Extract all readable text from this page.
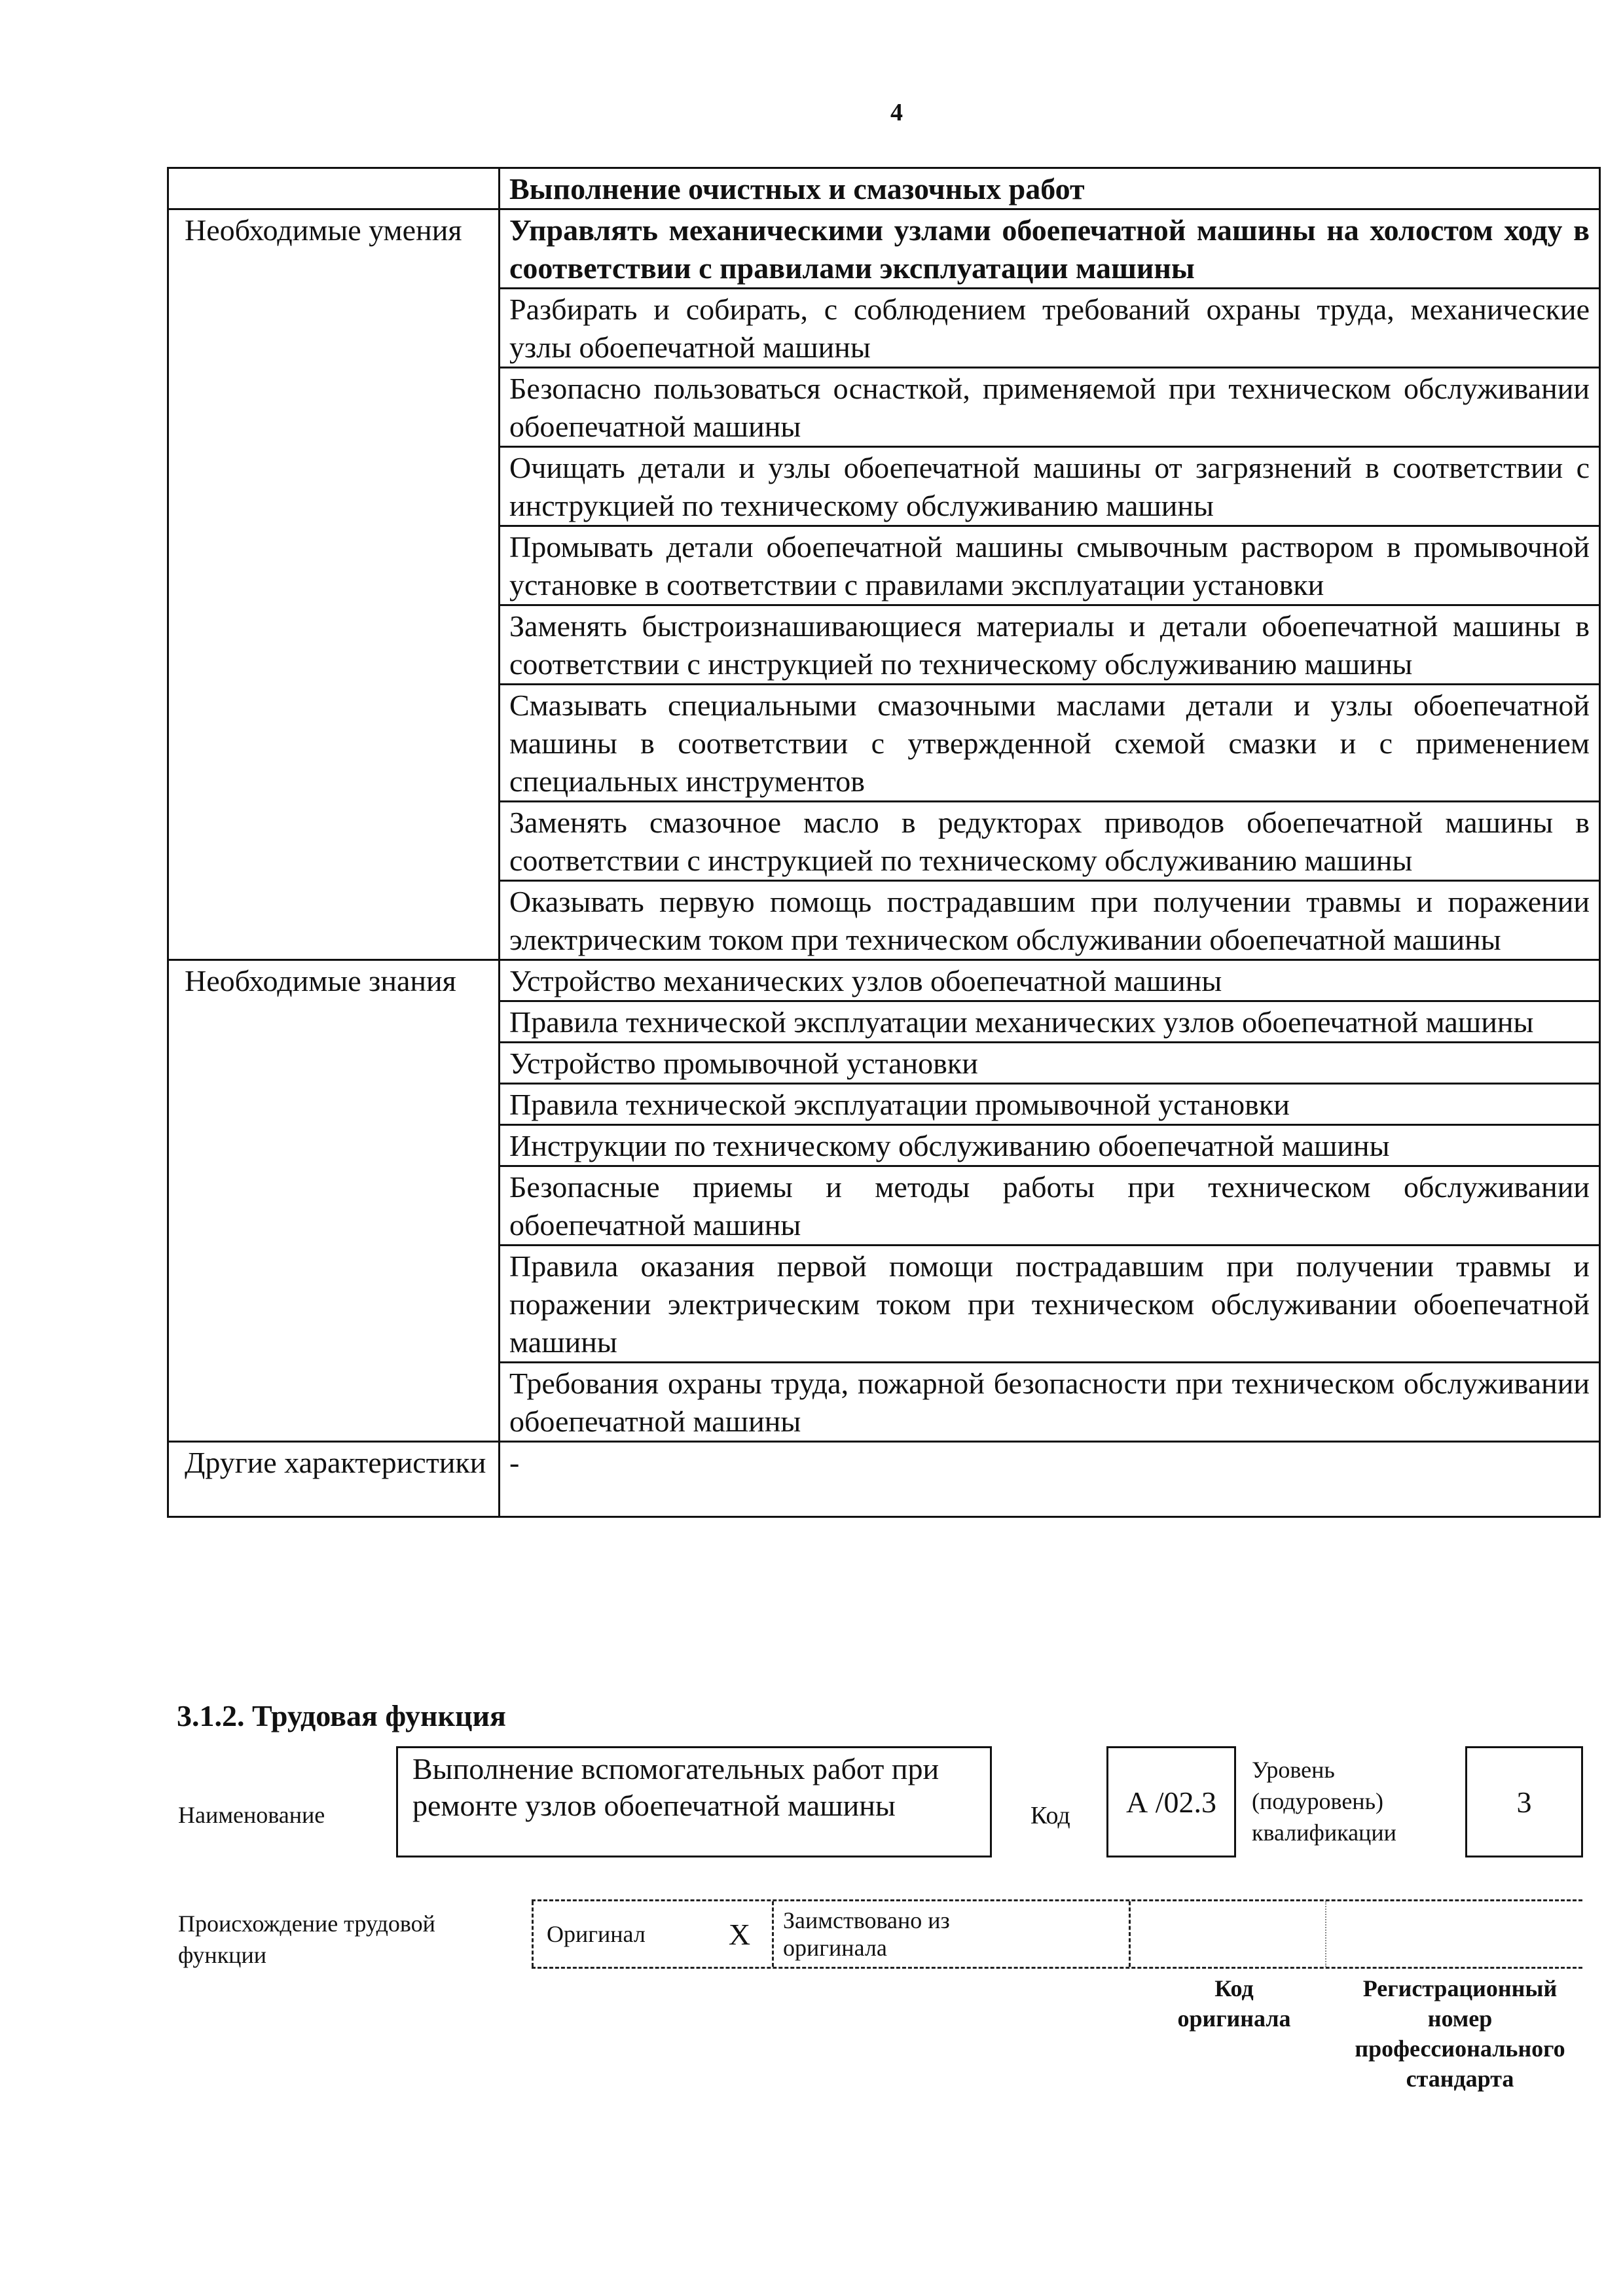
4
	Выполнение очистных и смазочных работ
Необходимые умения	Управлять механическими узлами обоепечатной машины на холостом ходу в соответствии с правилами эксплуатации машины
	Разбирать и собирать, с соблюдением требований охраны труда, механические узлы обоепечатной машины
	Безопасно пользоваться оснасткой, применяемой при техническом обслуживании обоепечатной машины
	Очищать детали и узлы обоепечатной машины от загрязнений в соответствии с инструкцией по техническому обслуживанию машины
	Промывать детали обоепечатной машины смывочным раствором в промывочной установке в соответствии с правилами эксплуатации установки
	Заменять быстроизнашивающиеся материалы и детали обоепечатной машины в соответствии с инструкцией по техническому обслуживанию машины
	Смазывать специальными смазочными маслами детали и узлы обоепечатной машины в соответствии с утвержденной схемой смазки и с применением специальных инструментов
	Заменять смазочное масло в редукторах приводов обоепечатной машины в соответствии с инструкцией по техническому обслуживанию машины
	Оказывать первую помощь пострадавшим при получении травмы и поражении электрическим током при техническом обслуживании обоепечатной машины
Необходимые знания	Устройство механических узлов обоепечатной машины
	Правила технической эксплуатации механических узлов обоепечатной машины
	Устройство промывочной установки
	Правила технической эксплуатации промывочной установки
	Инструкции по техническому обслуживанию обоепечатной машины
	Безопасные приемы и методы работы при техническом обслуживании обоепечатной машины
	Правила оказания первой помощи пострадавшим при получении травмы и поражении электрическим током при техническом обслуживании обоепечатной машины
	Требования охраны труда, пожарной безопасности при техническом обслуживании обоепечатной машины
Другие характеристики	-
3.1.2. Трудовая функция
Наименование
Выполнение вспомогательных работ при ремонте узлов обоепечатной машины	Код	А /02.3
Уровень (подуровень) квалификации
3
Происхождение трудовой функции
Оригинал	X	Заимствовано из оригинала
Код оригинала
Регистрационный номер профессионального стандарта
